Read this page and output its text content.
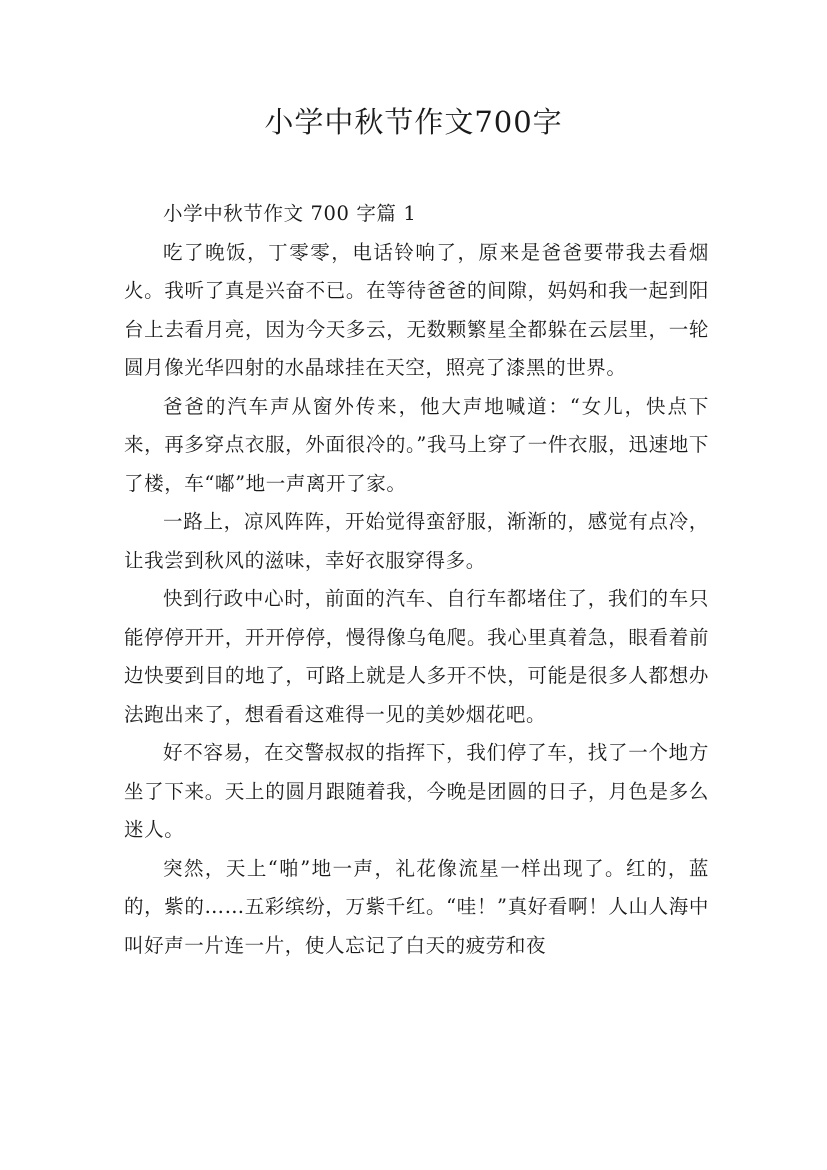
小学中秋节作文700字

小学中秋节作文 700 字篇 1

吃了晚饭，丁零零，电话铃响了，原来是爸爸要带我去看烟火。我听了真是兴奋不已。在等待爸爸的间隙，妈妈和我一起到阳台上去看月亮，因为今天多云，无数颗繁星全都躲在云层里，一轮圆月像光华四射的水晶球挂在天空，照亮了漆黑的世界。

爸爸的汽车声从窗外传来，他大声地喊道：“女儿，快点下来，再多穿点衣服，外面很冷的。”我马上穿了一件衣服，迅速地下了楼，车“嘟”地一声离开了家。

一路上，凉风阵阵，开始觉得蛮舒服，渐渐的，感觉有点冷，让我尝到秋风的滋味，幸好衣服穿得多。

快到行政中心时，前面的汽车、自行车都堵住了，我们的车只能停停开开，开开停停，慢得像乌龟爬。我心里真着急，眼看着前边快要到目的地了，可路上就是人多开不快，可能是很多人都想办法跑出来了，想看看这难得一见的美妙烟花吧。

好不容易，在交警叔叔的指挥下，我们停了车，找了一个地方坐了下来。天上的圆月跟随着我，今晚是团圆的日子，月色是多么迷人。

突然，天上“啪”地一声，礼花像流星一样出现了。红的，蓝的，紫的……五彩缤纷，万紫千红。“哇！”真好看啊！人山人海中叫好声一片连一片，使人忘记了白天的疲劳和夜
